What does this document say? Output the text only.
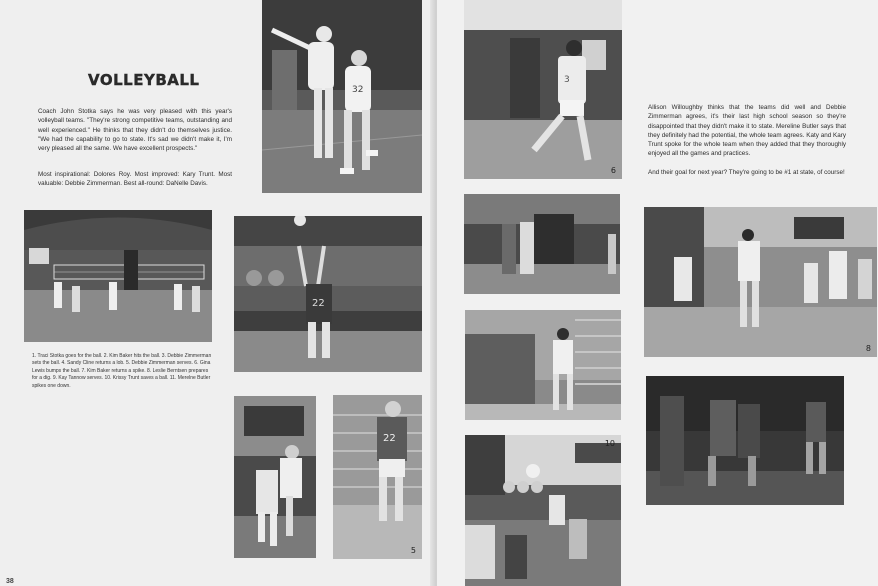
32
VOLLEYBALL

Coach John Stotka says he was very pleased with this year's volleyball teams. "They're strong competitive teams, outstanding and well experienced." He thinks that they didn't do themselves justice. "We had the capability to go to state. It's sad we didn't make it, I'm very pleased all the same. We have excellent prospects."

Most inspirational: Dolores Roy. Most improved: Kary Trunt. Most valuable: Debbie Zimmerman. Best all-round: DaNelle Davis.

22

1. Traci Stotka goes for the ball. 2. Kim Baker hits the ball. 3. Debbie Zimmerman sets the ball. 4. Sandy Cline returns a lob. 5. Debbie Zimmerman serves. 6. Gina Lewis bumps the ball. 7. Kim Baker returns a spike. 8. Leslie Berntsen prepares for a dig. 9. Kay Tannow serves. 10. Krissy Trunt saves a ball. 11. Merelne Butler spikes one down.

22
5
38
3
6

Allison Willoughby thinks that the teams did well and Debbie Zimmerman agrees, it's their last high school season so they're disappointed that they didn't make it to state. Mereline Butler says that they definitely had the potential, the whole team agrees. Katy and Kary Trunt spoke for the whole team when they added that they thoroughly enjoyed all the games and practices.

And their goal for next year? They're going to be #1 at state, of course!

8
10
